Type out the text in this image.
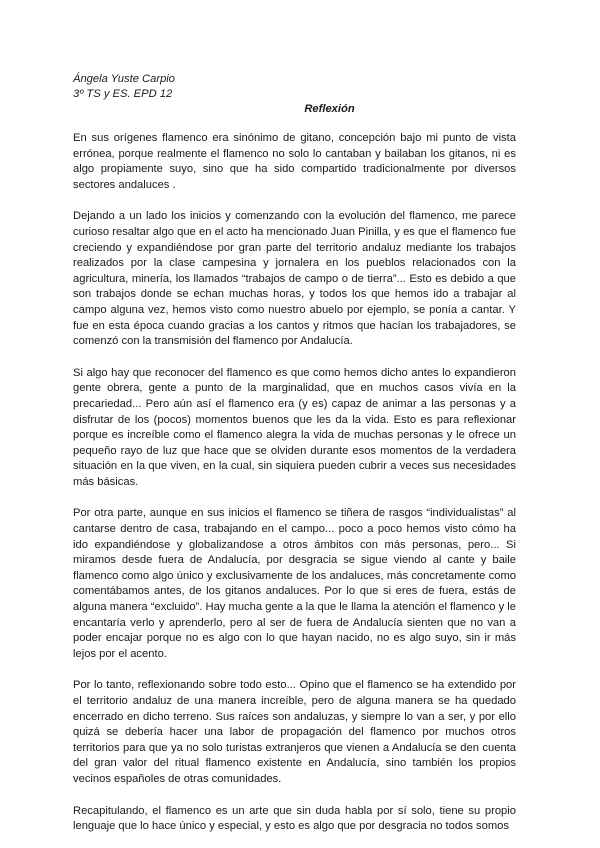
Ángela Yuste Carpio

3º TS y ES. EPD 12

Reflexión

En sus orígenes flamenco era sinónimo de gitano, concepción bajo mi punto de vista errónea, porque realmente el flamenco no solo lo cantaban y bailaban los gitanos, ni es algo propiamente suyo, sino que ha sido compartido tradicionalmente por diversos sectores andaluces .

Dejando a un lado los inicios y comenzando con la evolución del flamenco, me parece curioso resaltar algo que en el acto ha mencionado Juan Pinilla, y es que el flamenco fue creciendo y expandiéndose por gran parte del territorio andaluz mediante los trabajos realizados por la clase campesina y jornalera en los pueblos relacionados con la agricultura, minería, los llamados “trabajos de campo o de tierra”... Esto es debido a que son trabajos donde se echan muchas horas, y todos los que hemos ido a trabajar al campo alguna vez, hemos visto como nuestro abuelo por ejemplo, se ponía a cantar. Y fue en esta época cuando gracias a los cantos y ritmos que hacían los trabajadores, se comenzó con la transmisión del flamenco por Andalucía.

Si algo hay que reconocer del flamenco es que como hemos dicho antes lo expandieron gente obrera, gente a punto de la marginalidad, que en muchos casos vivía en la precariedad... Pero aún así el flamenco era (y es) capaz de animar a las personas y a disfrutar de los (pocos) momentos buenos que les da la vida. Esto es para reflexionar porque es increíble como el flamenco alegra la vida de muchas personas y le ofrece un pequeño rayo de luz que hace que se olviden durante esos momentos de la verdadera situación en la que viven, en la cual, sin siquiera pueden cubrir a veces sus necesidades más básicas.

Por otra parte, aunque en sus inicios el flamenco se tiñera de rasgos “individualistas” al cantarse dentro de casa, trabajando en el campo... poco a poco hemos visto cómo ha ido expandiéndose y globalizandose a otros ámbitos con más personas, pero... Si miramos desde fuera de Andalucía, por desgracia se sigue viendo al cante y baile flamenco como algo único y exclusivamente de los andaluces, más concretamente como comentábamos antes, de los gitanos andaluces. Por lo que si eres de fuera, estás de alguna manera “excluido”. Hay mucha gente a la que le llama la atención el flamenco y le encantaría verlo y aprenderlo, pero al ser de fuera de Andalucía sienten que no van a poder encajar porque no es algo con lo que hayan nacido, no es algo suyo, sin ir más lejos por el acento.

Por lo tanto, reflexionando sobre todo esto... Opino que el flamenco se ha extendido por el territorio andaluz de una manera increíble, pero de alguna manera se ha quedado encerrado en dicho terreno. Sus raíces son andaluzas, y siempre lo van a ser, y por ello quizá se debería hacer una labor de propagación del flamenco por muchos otros territorios para que ya no solo turistas extranjeros que vienen a Andalucía se den cuenta del gran valor del ritual flamenco existente en Andalucía, sino también los propios vecinos españoles de otras comunidades.

Recapitulando, el flamenco es un arte que sin duda habla por sí solo, tiene su propio lenguaje que lo hace único y especial, y esto es algo que por desgracia no todos somos
